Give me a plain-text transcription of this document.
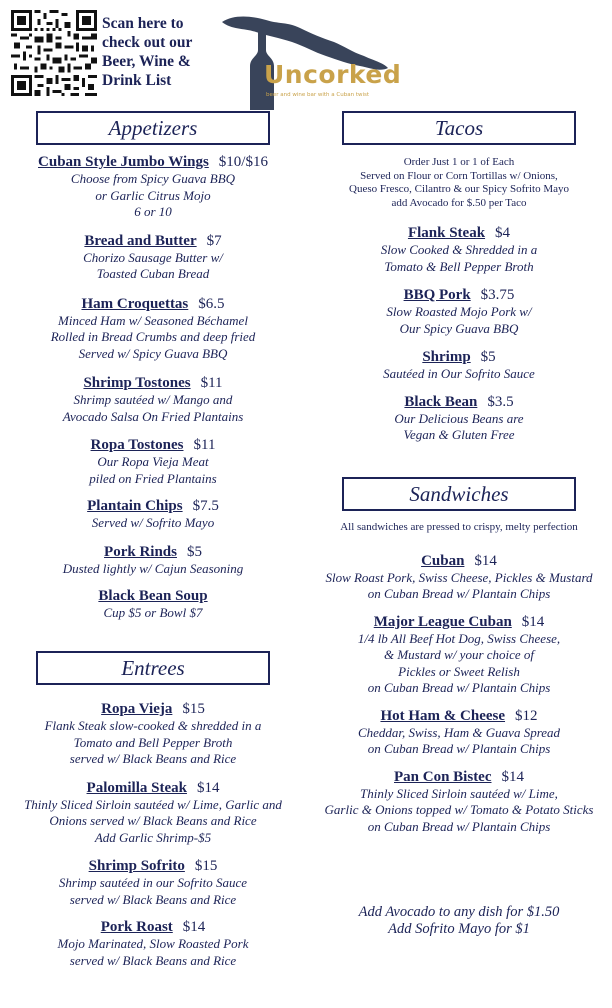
Scan here to
check out our
Beer, Wine &
Drink List	Uncorked
beer and wine bar with a Cuban twist
Appetizers	Tacos
Sandwiches
Entrees
Cuban Style Jumbo Wings $10/$16
Choose from Spicy Guava BBQ
or Garlic Citrus Mojo
6 or 10
Bread and Butter $7
Chorizo Sausage Butter w/
Toasted Cuban Bread
Ham Croquettas $6.5
Minced Ham w/ Seasoned Béchamel
Rolled in Bread Crumbs and deep fried
Served w/ Spicy Guava BBQ
Shrimp Tostones $11
Shrimp sautéed w/ Mango and
Avocado Salsa On Fried Plantains
Ropa Tostones $11
Our Ropa Vieja Meat
piled on Fried Plantains
Plantain Chips $7.5
Served w/ Sofrito Mayo
Pork Rinds $5
Dusted lightly w/ Cajun Seasoning
Black Bean Soup
Cup $5 or Bowl $7
Ropa Vieja $15
Flank Steak slow-cooked & shredded in a
Tomato and Bell Pepper Broth
served w/ Black Beans and Rice
Palomilla Steak $14
Thinly Sliced Sirloin sautéed w/ Lime, Garlic and
Onions served w/ Black Beans and Rice
Add Garlic Shrimp-$5
Shrimp Sofrito $15
Shrimp sautéed in our Sofrito Sauce
served w/ Black Beans and Rice
Pork Roast $14
Mojo Marinated, Slow Roasted Pork
served w/ Black Beans and Rice
Order Just 1 or 1 of Each
Served on Flour or Corn Tortillas w/ Onions,
Queso Fresco, Cilantro & our Spicy Sofrito Mayo
add Avocado for $.50 per Taco
Flank Steak $4
Slow Cooked & Shredded in a
Tomato & Bell Pepper Broth
BBQ Pork $3.75
Slow Roasted Mojo Pork w/
Our Spicy Guava BBQ
Shrimp $5
Sautéed in Our Sofrito Sauce
Black Bean $3.5
Our Delicious Beans are
Vegan & Gluten Free
All sandwiches are pressed to crispy, melty perfection
Cuban $14
Slow Roast Pork, Swiss Cheese, Pickles & Mustard
on Cuban Bread w/ Plantain Chips
Major League Cuban $14
1/4 lb All Beef Hot Dog, Swiss Cheese,
& Mustard w/ your choice of
Pickles or Sweet Relish
on Cuban Bread w/ Plantain Chips
Hot Ham & Cheese $12
Cheddar, Swiss, Ham & Guava Spread
on Cuban Bread w/ Plantain Chips
Pan Con Bistec $14
Thinly Sliced Sirloin sautéed w/ Lime,
Garlic & Onions topped w/ Tomato & Potato Sticks
on Cuban Bread w/ Plantain Chips
Add Avocado to any dish for $1.50
Add Sofrito Mayo for $1
